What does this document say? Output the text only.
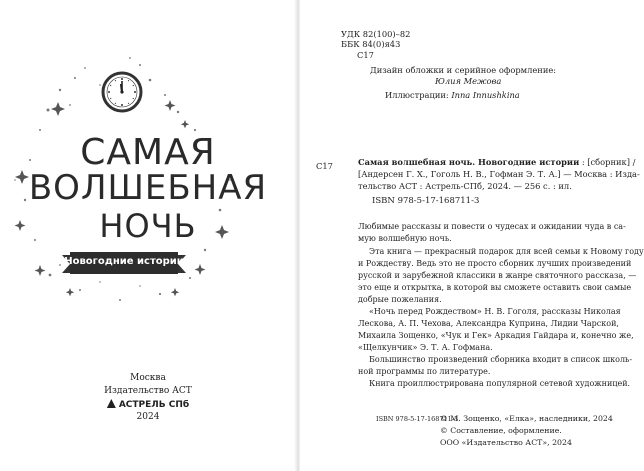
САМАЯ
ВОЛШЕБНАЯ
НОЧЬ
Новогодние истории
Москва
Издательство АСТ
АСТРЕЛЬ СПб
2024
УДК 82(100)–82
ББК 84(0)я43
С17
Дизайн обложки и серийное оформление:
Юлия Межова
Иллюстрации: Inna Innushkina
С17	Самая волшебная ночь. Новогодние истории : [сборник] /
[Андерсен Г. Х., Гоголь Н. В., Гофман Э. Т. А.] — Москва : Изда-
тельство АСТ : Астрель-СПб, 2024. — 256 с. : ил.
ISBN 978-5-17-168711-3
Любимые рассказы и повести о чудесах и ожидании чуда в са-
мую волшебную ночь.
Эта книга — прекрасный подарок для всей семьи к Новому году
и Рождеству. Ведь это не просто сборник лучших произведений
русской и зарубежной классики в жанре святочного рассказа, —
это еще и открытка, в которой вы сможете оставить свои самые
добрые пожелания.
«Ночь перед Рождеством» Н. В. Гоголя, рассказы Николая
Лескова, А. П. Чехова, Александра Куприна, Лидии Чарской,
Михаила Зощенко, «Чук и Гек» Аркадия Гайдара и, конечно же,
«Щелкунчик» Э. Т. А. Гофмана.
Большинство произведений сборника входит в список школь-
ной программы по литературе.
Книга проиллюстрирована популярной сетевой художницей.
ISBN 978-5-17-168711-3
© М. Зощенко, «Елка», наследники, 2024
© Составление, оформление.
ООО «Издательство АСТ», 2024
